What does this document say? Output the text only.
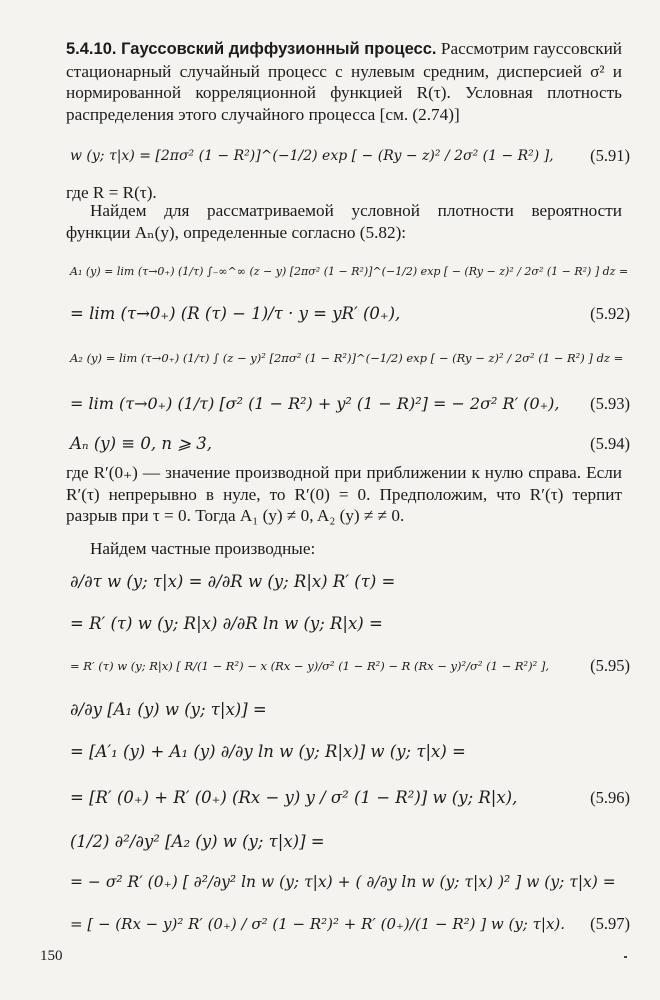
5.4.10. Гауссовский диффузионный процесс. Рассмотрим гауссовский стационарный случайный процесс с нулевым средним, дисперсией σ² и нормированной корреляционной функцией R(τ). Условная плотность распределения этого случайного процесса [см. (2.74)]
w (y; τ|x) = [2πσ² (1 − R²)]^(−1/2) exp [ − (Ry − z)² / 2σ² (1 − R²) ],	(5.91)
где R = R(τ).
Найдем для рассматриваемой условной плотности вероятности функции Aₙ(y), определенные согласно (5.82):
A₁ (y) = lim (τ→0₊) (1/τ) ∫₋∞^∞ (z − y) [2πσ² (1 − R²)]^(−1/2) exp [ − (Ry − z)² / 2σ² (1 − R²) ] dz =
= lim (τ→0₊) (R (τ) − 1)/τ · y = yR′ (0₊),	(5.92)
A₂ (y) = lim (τ→0₊) (1/τ) ∫ (z − y)² [2πσ² (1 − R²)]^(−1/2) exp [ − (Ry − z)² / 2σ² (1 − R²) ] dz =
= lim (τ→0₊) (1/τ) [σ² (1 − R²) + y² (1 − R)²] = − 2σ² R′ (0₊),	(5.93)
Aₙ (y) ≡ 0, n ⩾ 3,	(5.94)
где R′(0₊) — значение производной при приближении к нулю справа. Если R′(τ) непрерывно в нуле, то R′(0) = 0. Предположим, что R′(τ) терпит разрыв при τ = 0. Тогда A₁ (y) ≠ 0, A₂ (y) ≠ ≠ 0.
Найдем частные производные:
∂/∂τ w (y; τ|x) = ∂/∂R w (y; R|x) R′ (τ) =
= R′ (τ) w (y; R|x) ∂/∂R ln w (y; R|x) =
= R′ (τ) w (y; R|x) [ R/(1 − R²) − x (Rx − y)/σ² (1 − R²) − R (Rx − y)²/σ² (1 − R²)² ],	(5.95)
∂/∂y [A₁ (y) w (y; τ|x)] =
= [A′₁ (y) + A₁ (y) ∂/∂y ln w (y; R|x)] w (y; τ|x) =
= [R′ (0₊) + R′ (0₊) (Rx − y) y / σ² (1 − R²)] w (y; R|x),	(5.96)
(1/2) ∂²/∂y² [A₂ (y) w (y; τ|x)] =
= − σ² R′ (0₊) [ ∂²/∂y² ln w (y; τ|x) + ( ∂/∂y ln w (y; τ|x) )² ] w (y; τ|x) =
= [ − (Rx − y)² R′ (0₊) / σ² (1 − R²)² + R′ (0₊)/(1 − R²) ] w (y; τ|x).	(5.97)
150
